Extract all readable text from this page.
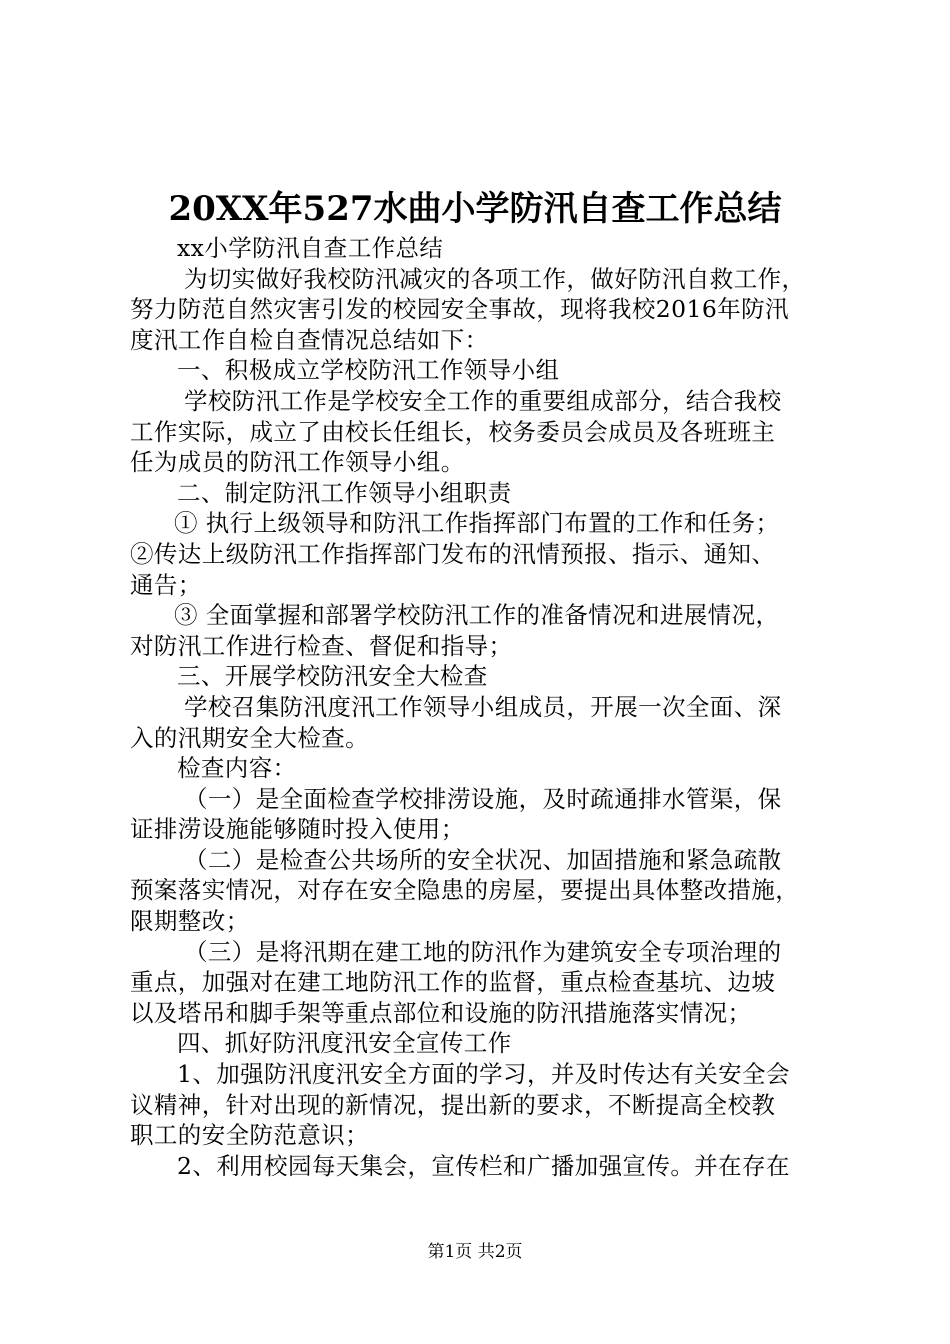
20XX年527水曲小学防汛自查工作总结
xx小学防汛自查工作总结
为切实做好我校防汛减灾的各项工作，做好防汛自救工作，
努力防范自然灾害引发的校园安全事故，现将我校2016年防汛
度汛工作自检自查情况总结如下：
一、积极成立学校防汛工作领导小组
学校防汛工作是学校安全工作的重要组成部分，结合我校
工作实际，成立了由校长任组长，校务委员会成员及各班班主
任为成员的防汛工作领导小组。
二、制定防汛工作领导小组职责
① 执行上级领导和防汛工作指挥部门布置的工作和任务；
②传达上级防汛工作指挥部门发布的汛情预报、指示、通知、
通告；
③ 全面掌握和部署学校防汛工作的准备情况和进展情况，
对防汛工作进行检查、督促和指导；
三、开展学校防汛安全大检查
学校召集防汛度汛工作领导小组成员，开展一次全面、深
入的汛期安全大检查。
检查内容：
（一）是全面检查学校排涝设施，及时疏通排水管渠，保
证排涝设施能够随时投入使用；
（二）是检查公共场所的安全状况、加固措施和紧急疏散
预案落实情况，对存在安全隐患的房屋，要提出具体整改措施，
限期整改；
（三）是将汛期在建工地的防汛作为建筑安全专项治理的
重点，加强对在建工地防汛工作的监督，重点检查基坑、边坡
以及塔吊和脚手架等重点部位和设施的防汛措施落实情况；
四、抓好防汛度汛安全宣传工作
1、加强防汛度汛安全方面的学习，并及时传达有关安全会
议精神，针对出现的新情况，提出新的要求，不断提高全校教
职工的安全防范意识；
2、利用校园每天集会，宣传栏和广播加强宣传。并在存在
第1页 共2页
